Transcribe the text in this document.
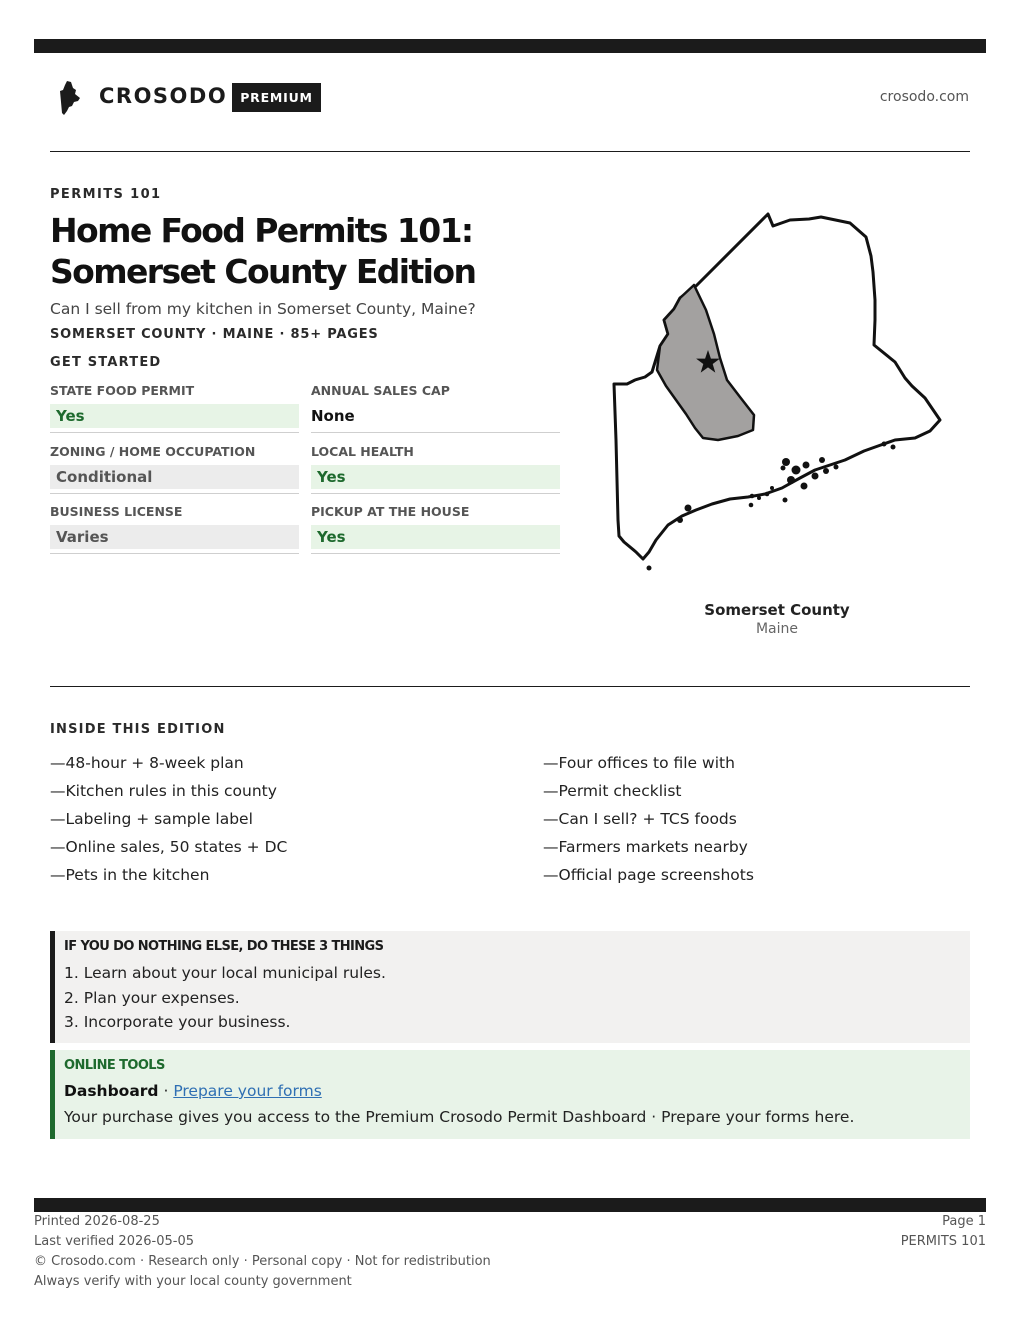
CROSODO	PREMIUM	crosodo.com
PERMITS 101
Home Food Permits 101: Somerset County Edition
Can I sell from my kitchen in Somerset County, Maine?
SOMERSET COUNTY · MAINE · 85+ PAGES
GET STARTED
STATE FOOD PERMIT
Yes
ANNUAL SALES CAP
None
ZONING / HOME OCCUPATION
Conditional
LOCAL HEALTH
Yes
BUSINESS LICENSE
Varies
PICKUP AT THE HOUSE
Yes
Somerset County
Maine
INSIDE THIS EDITION
—48-hour + 8-week plan
—Kitchen rules in this county
—Labeling + sample label
—Online sales, 50 states + DC
—Pets in the kitchen
—Four offices to file with
—Permit checklist
—Can I sell? + TCS foods
—Farmers markets nearby
—Official page screenshots
IF YOU DO NOTHING ELSE, DO THESE 3 THINGS
1. Learn about your local municipal rules.
2. Plan your expenses.
3. Incorporate your business.
ONLINE TOOLS
Dashboard · Prepare your forms
Your purchase gives you access to the Premium Crosodo Permit Dashboard · Prepare your forms here.
Printed 2026-08-25
Last verified 2026-05-05
© Crosodo.com · Research only · Personal copy · Not for redistribution
Always verify with your local county government
Page 1
PERMITS 101
